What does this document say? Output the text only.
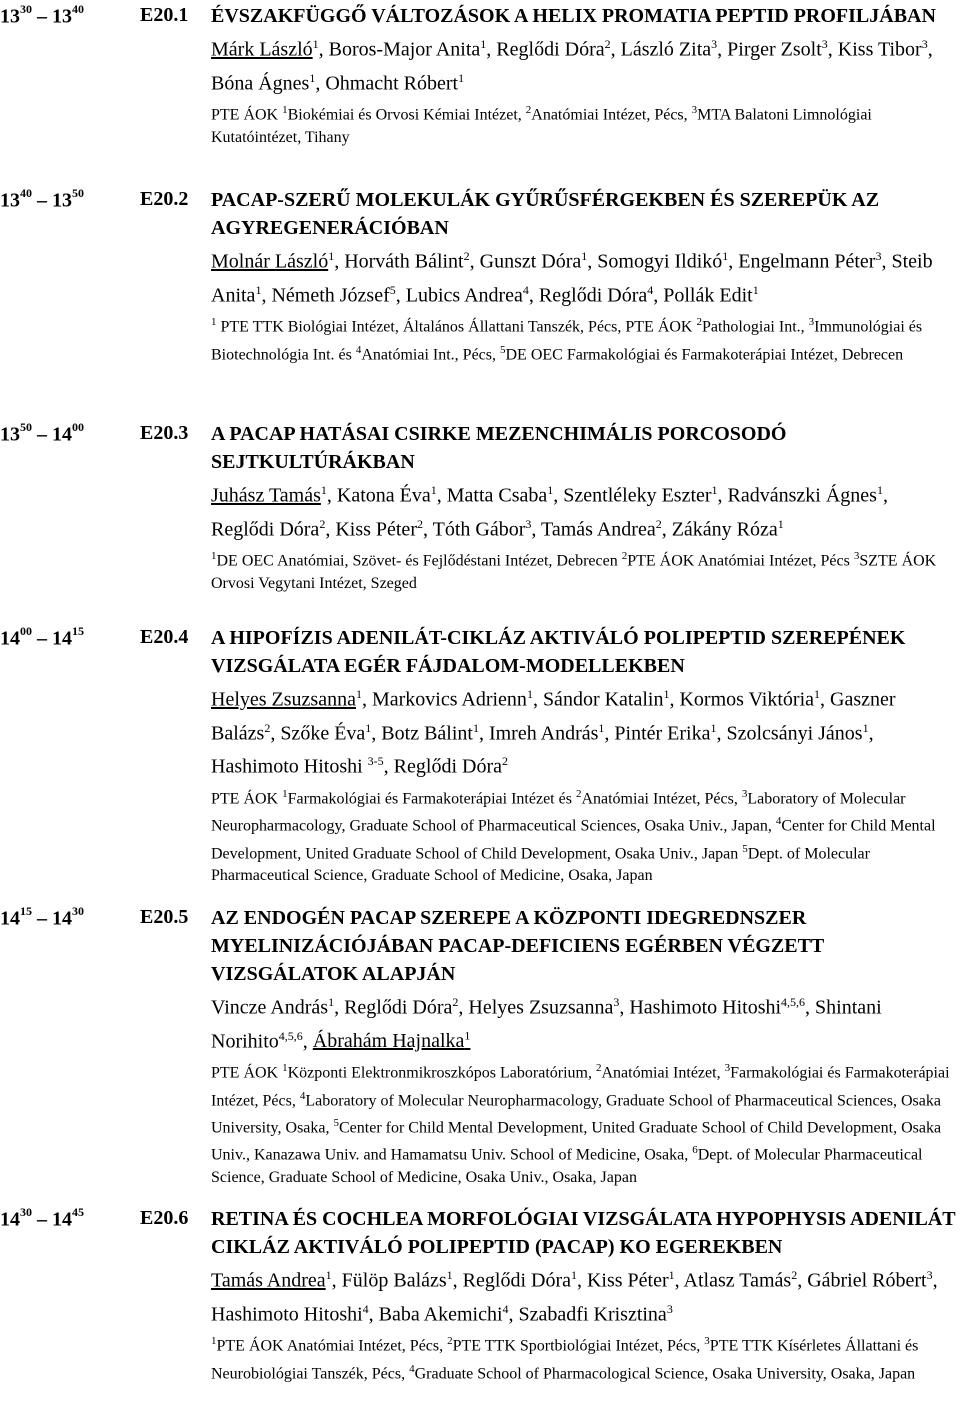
$13^{30} - 13^{40}$	E20.1 ÉVSZAKFÜGGŐ VÁLTOZÁSOK A HELIX PROMATIA PEPTID PROFILJÁBAN
Márk László$^1$, Boros-Major Anita$^1$, Reglődi Dóra$^2$, László Zita$^3$, Pirger Zsolt$^3$, Kiss Tibor$^3$, Bóna Ágnes$^1$, Ohmacht Róbert$^1$
PTE ÁOK $^1$Biokémiai és Orvosi Kémiai Intézet, $^2$Anatómiai Intézet, Pécs, $^3$MTA Balatoni Limnológiai Kutatóintézet, Tihany
$13^{40} - 13^{50}$	E20.2 PACAP-SZERŰ MOLEKULÁK GYŰRŰSFÉRGEKBEN ÉS SZEREPÜK AZ AGYREGENERÁCIÓBAN
Molnár László$^1$, Horváth Bálint$^2$, Gunszt Dóra$^1$, Somogyi Ildikó$^1$, Engelmann Péter$^3$, Steib Anita$^1$, Németh József$^5$, Lubics Andrea$^4$, Reglődi Dóra$^4$, Pollák Edit$^1$
$^1$ PTE TTK Biológiai Intézet, Általános Állattani Tanszék, Pécs, PTE ÁOK $^2$Pathologiai Int., $^3$Immunológiai és Biotechnológia Int. és $^4$Anatómiai Int., Pécs, $^5$DE OEC Farmakológiai és Farmakoterápiai Intézet, Debrecen
$13^{50} - 14^{00}$	E20.3 A PACAP HATÁSAI CSIRKE MEZENCHIMÁLIS PORCOSODÓ SEJTKULTÚRÁKBAN
Juhász Tamás$^1$, Katona Éva$^1$, Matta Csaba$^1$, Szentléleky Eszter$^1$, Radvánszki Ágnes$^1$, Reglődi Dóra$^2$, Kiss Péter$^2$, Tóth Gábor$^3$, Tamás Andrea$^2$, Zákány Róza$^1$
$^1$DE OEC Anatómiai, Szövet- és Fejlődéstani Intézet, Debrecen $^2$PTE ÁOK Anatómiai Intézet, Pécs $^3$SZTE ÁOK Orvosi Vegytani Intézet, Szeged
$14^{00} - 14^{15}$	E20.4 A HIPOFÍZIS ADENILÁT-CIKLÁZ AKTIVÁLÓ POLIPEPTID SZEREPÉNEK VIZSGÁLATA EGÉR FÁJDALOM-MODELLEKBEN
Helyes Zsuzsanna$^1$, Markovics Adrienn$^1$, Sándor Katalin$^1$, Kormos Viktória$^1$, Gaszner Balázs$^2$, Szőke Éva$^1$, Botz Bálint$^1$, Imreh András$^1$, Pintér Erika$^1$, Szolcsányi János$^1$, Hashimoto Hitoshi $^{3-5}$, Reglődi Dóra$^2$
PTE ÁOK $^1$Farmakológiai és Farmakoterápiai Intézet és $^2$Anatómiai Intézet, Pécs, $^3$Laboratory of Molecular Neuropharmacology, Graduate School of Pharmaceutical Sciences, Osaka Univ., Japan, $^4$Center for Child Mental Development, United Graduate School of Child Development, Osaka Univ., Japan $^5$Dept. of Molecular Pharmaceutical Science, Graduate School of Medicine, Osaka, Japan
$14^{15} - 14^{30}$	E20.5 AZ ENDOGÉN PACAP SZEREPE A KÖZPONTI IDEGREDNSZER MYELINIZÁCIÓJÁBAN PACAP-DEFICIENS EGÉRBEN VÉGZETT VIZSGÁLATOK ALAPJÁN
Vincze András$^1$, Reglődi Dóra$^2$, Helyes Zsuzsanna$^3$, Hashimoto Hitoshi$^{4,5,6}$, Shintani Norihito$^{4,5,6}$, Ábrahám Hajnalka$^1$
PTE ÁOK $^1$Központi Elektronmikroszkópos Laboratórium, $^2$Anatómiai Intézet, $^3$Farmakológiai és Farmakoterápiai Intézet, Pécs, $^4$Laboratory of Molecular Neuropharmacology, Graduate School of Pharmaceutical Sciences, Osaka University, Osaka, $^5$Center for Child Mental Development, United Graduate School of Child Development, Osaka Univ., Kanazawa Univ. and Hamamatsu Univ. School of Medicine, Osaka, $^6$Dept. of Molecular Pharmaceutical Science, Graduate School of Medicine, Osaka Univ., Osaka, Japan
$14^{30} - 14^{45}$	E20.6 RETINA ÉS COCHLEA MORFOLÓGIAI VIZSGÁLATA HYPOPHYSIS ADENILÁT CIKLÁZ AKTIVÁLÓ POLIPEPTID (PACAP) KO EGEREKBEN
Tamás Andrea$^1$, Fülöp Balázs$^1$, Reglődi Dóra$^1$, Kiss Péter$^1$, Atlasz Tamás$^2$, Gábriel Róbert$^3$, Hashimoto Hitoshi$^4$, Baba Akemichi$^4$, Szabadfi Krisztina$^3$
$^1$PTE ÁOK Anatómiai Intézet, Pécs, $^2$PTE TTK Sportbiológiai Intézet, Pécs, $^3$PTE TTK Kísérletes Állattani és Neurobiológiai Tanszék, Pécs, $^4$Graduate School of Pharmacological Science, Osaka University, Osaka, Japan
